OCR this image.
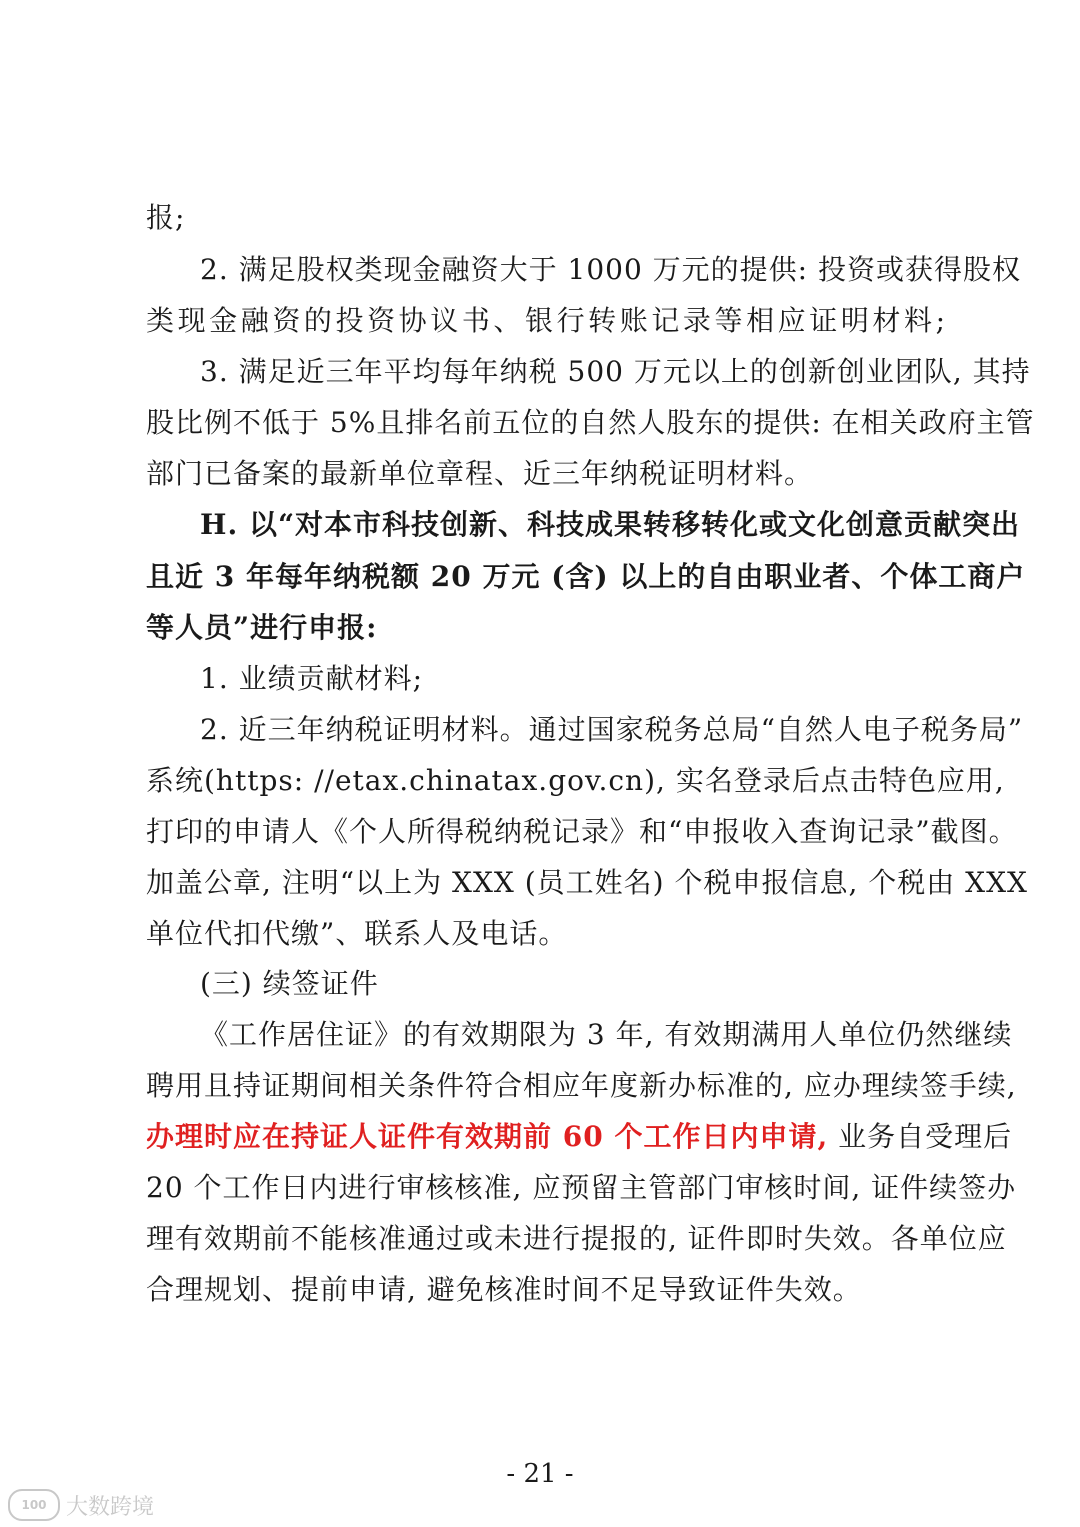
报;
2. 满足股权类现金融资大于 1000 万元的提供: 投资或获得股权
类现金融资的投资协议书、银行转账记录等相应证明材料;
3. 满足近三年平均每年纳税 500 万元以上的创新创业团队, 其持
股比例不低于 5%且排名前五位的自然人股东的提供: 在相关政府主管
部门已备案的最新单位章程、近三年纳税证明材料。
H. 以“对本市科技创新、科技成果转移转化或文化创意贡献突出
且近 3 年每年纳税额 20 万元 (含) 以上的自由职业者、个体工商户
等人员”进行申报:
1. 业绩贡献材料;
2. 近三年纳税证明材料。通过国家税务总局“自然人电子税务局”
系统(https: //etax.chinatax.gov.cn), 实名登录后点击特色应用,
打印的申请人《个人所得税纳税记录》和“申报收入查询记录”截图。
加盖公章, 注明“以上为 XXX (员工姓名) 个税申报信息, 个税由 XXX
单位代扣代缴”、联系人及电话。
(三) 续签证件
《工作居住证》的有效期限为 3 年, 有效期满用人单位仍然继续
聘用且持证期间相关条件符合相应年度新办标准的, 应办理续签手续,
办理时应在持证人证件有效期前 60 个工作日内申请, 业务自受理后
20 个工作日内进行审核核准, 应预留主管部门审核时间, 证件续签办
理有效期前不能核准通过或未进行提报的, 证件即时失效。各单位应
合理规划、提前申请, 避免核准时间不足导致证件失效。
- 21 -
100 大数跨境
